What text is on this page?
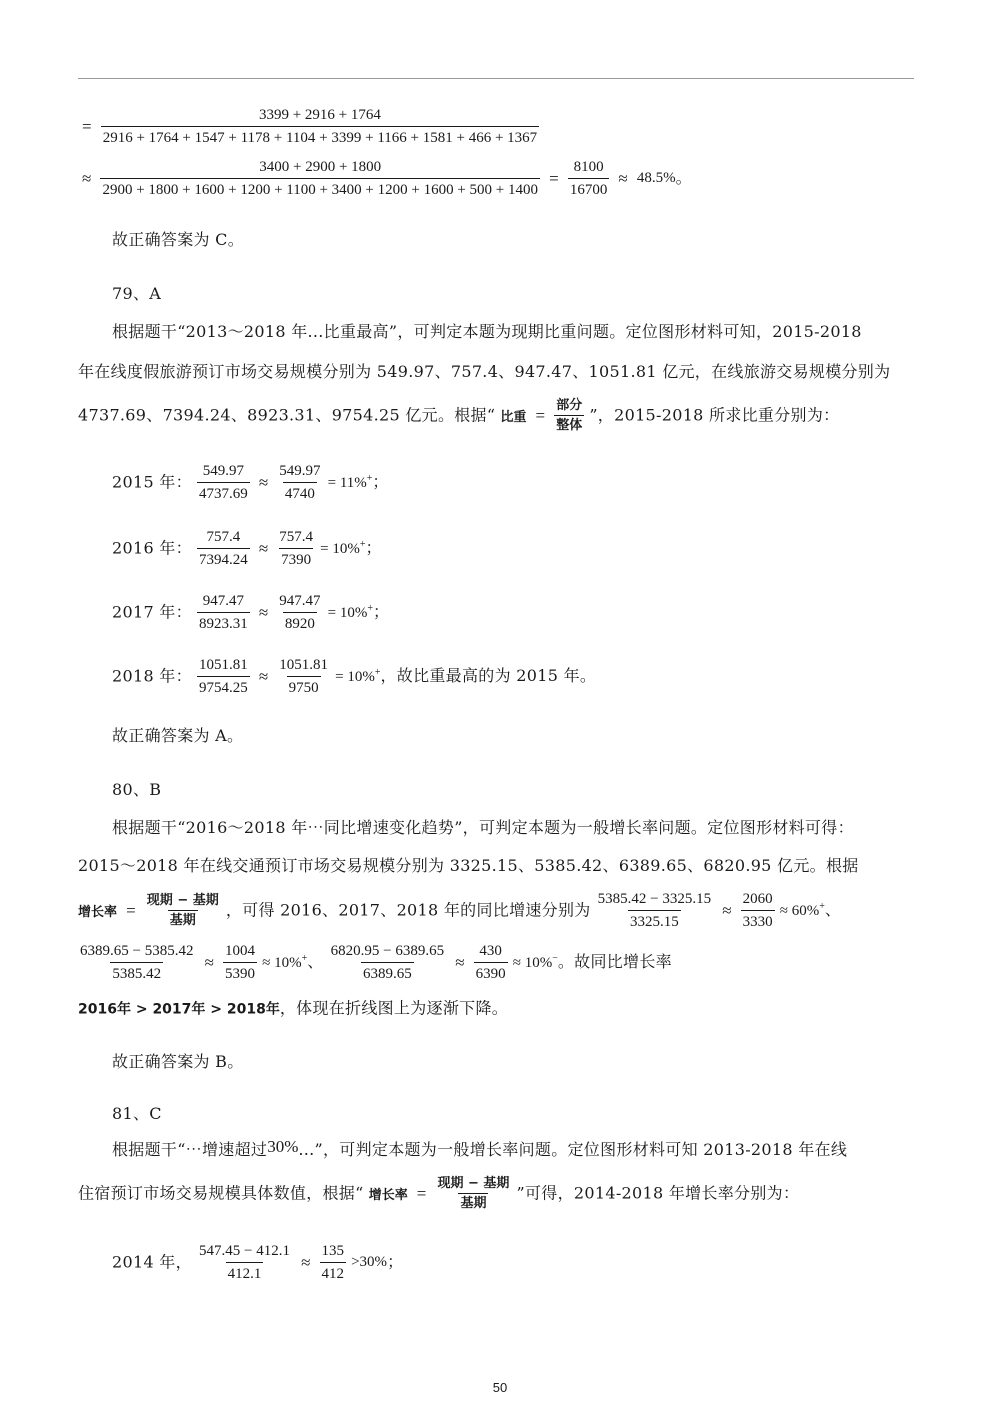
=
3399 + 2916 + 1764
2916 + 1764 + 1547 + 1178 + 1104 + 3399 + 1166 + 1581 + 466 + 1367
≈
3400 + 2900 + 1800
2900 + 1800 + 1600 + 1200 + 1100 + 3400 + 1200 + 1600 + 500 + 1400
= $\frac{8100}{16700} \approx 48.5\%$。
故正确答案为 C。
79、A
根据题干“2013～2018 年...比重最高”，可判定本题为现期比重问题。定位图形材料可知，2015-2018
年在线度假旅游预订市场交易规模分别为 549.97、757.4、947.47、1051.81 亿元，在线旅游交易规模分别为
4737.69、7394.24、8923.31、9754.25 亿元。根据“ 比重 = $\frac{\text{部分}}{\text{整体}}$ ”，2015-2018 所求比重分别为：
2015 年： $\frac{549.97}{4737.69} \approx \frac{549.97}{4740} = 11\%^+$；
2016 年： $\frac{757.4}{7394.24} \approx \frac{757.4}{7390} = 10\%^+$；
2017 年： $\frac{947.47}{8923.31} \approx \frac{947.47}{8920} = 10\%^+$；
2018 年： $\frac{1051.81}{9754.25} \approx \frac{1051.81}{9750} = 10\%^+$，故比重最高的为 2015 年。
故正确答案为 A。
80、B
根据题干“2016～2018 年⋯同比增速变化趋势”，可判定本题为一般增长率问题。定位图形材料可得：
2015～2018 年在线交通预订市场交易规模分别为 3325.15、5385.42、6389.65、6820.95 亿元。根据
增长率 = $\frac{\text{现期 − 基期}}{\text{基期}}$ ，可得 2016、2017、2018 年的同比增速分别为 $\frac{5385.42 - 3325.15}{3325.15} \approx \frac{2060}{3330} \approx 60\%^+$、
$\frac{6389.65 - 5385.42}{5385.42} \approx \frac{1004}{5390} \approx 10\%^+$、 $\frac{6820.95 - 6389.65}{6389.65} \approx \frac{430}{6390} \approx 10\%^-$。故同比增长率
2016年 > 2017年 > 2018年，体现在折线图上为逐渐下降。
故正确答案为 B。
81、C
根据题干“⋯增速超过30%...”，可判定本题为一般增长率问题。定位图形材料可知 2013-2018 年在线
住宿预订市场交易规模具体数值，根据“ 增长率 = $\frac{\text{现期 − 基期}}{\text{基期}}$ ”可得，2014-2018 年增长率分别为：
2014 年， $\frac{547.45 - 412.1}{412.1} \approx \frac{135}{412} >30\%$；
50
